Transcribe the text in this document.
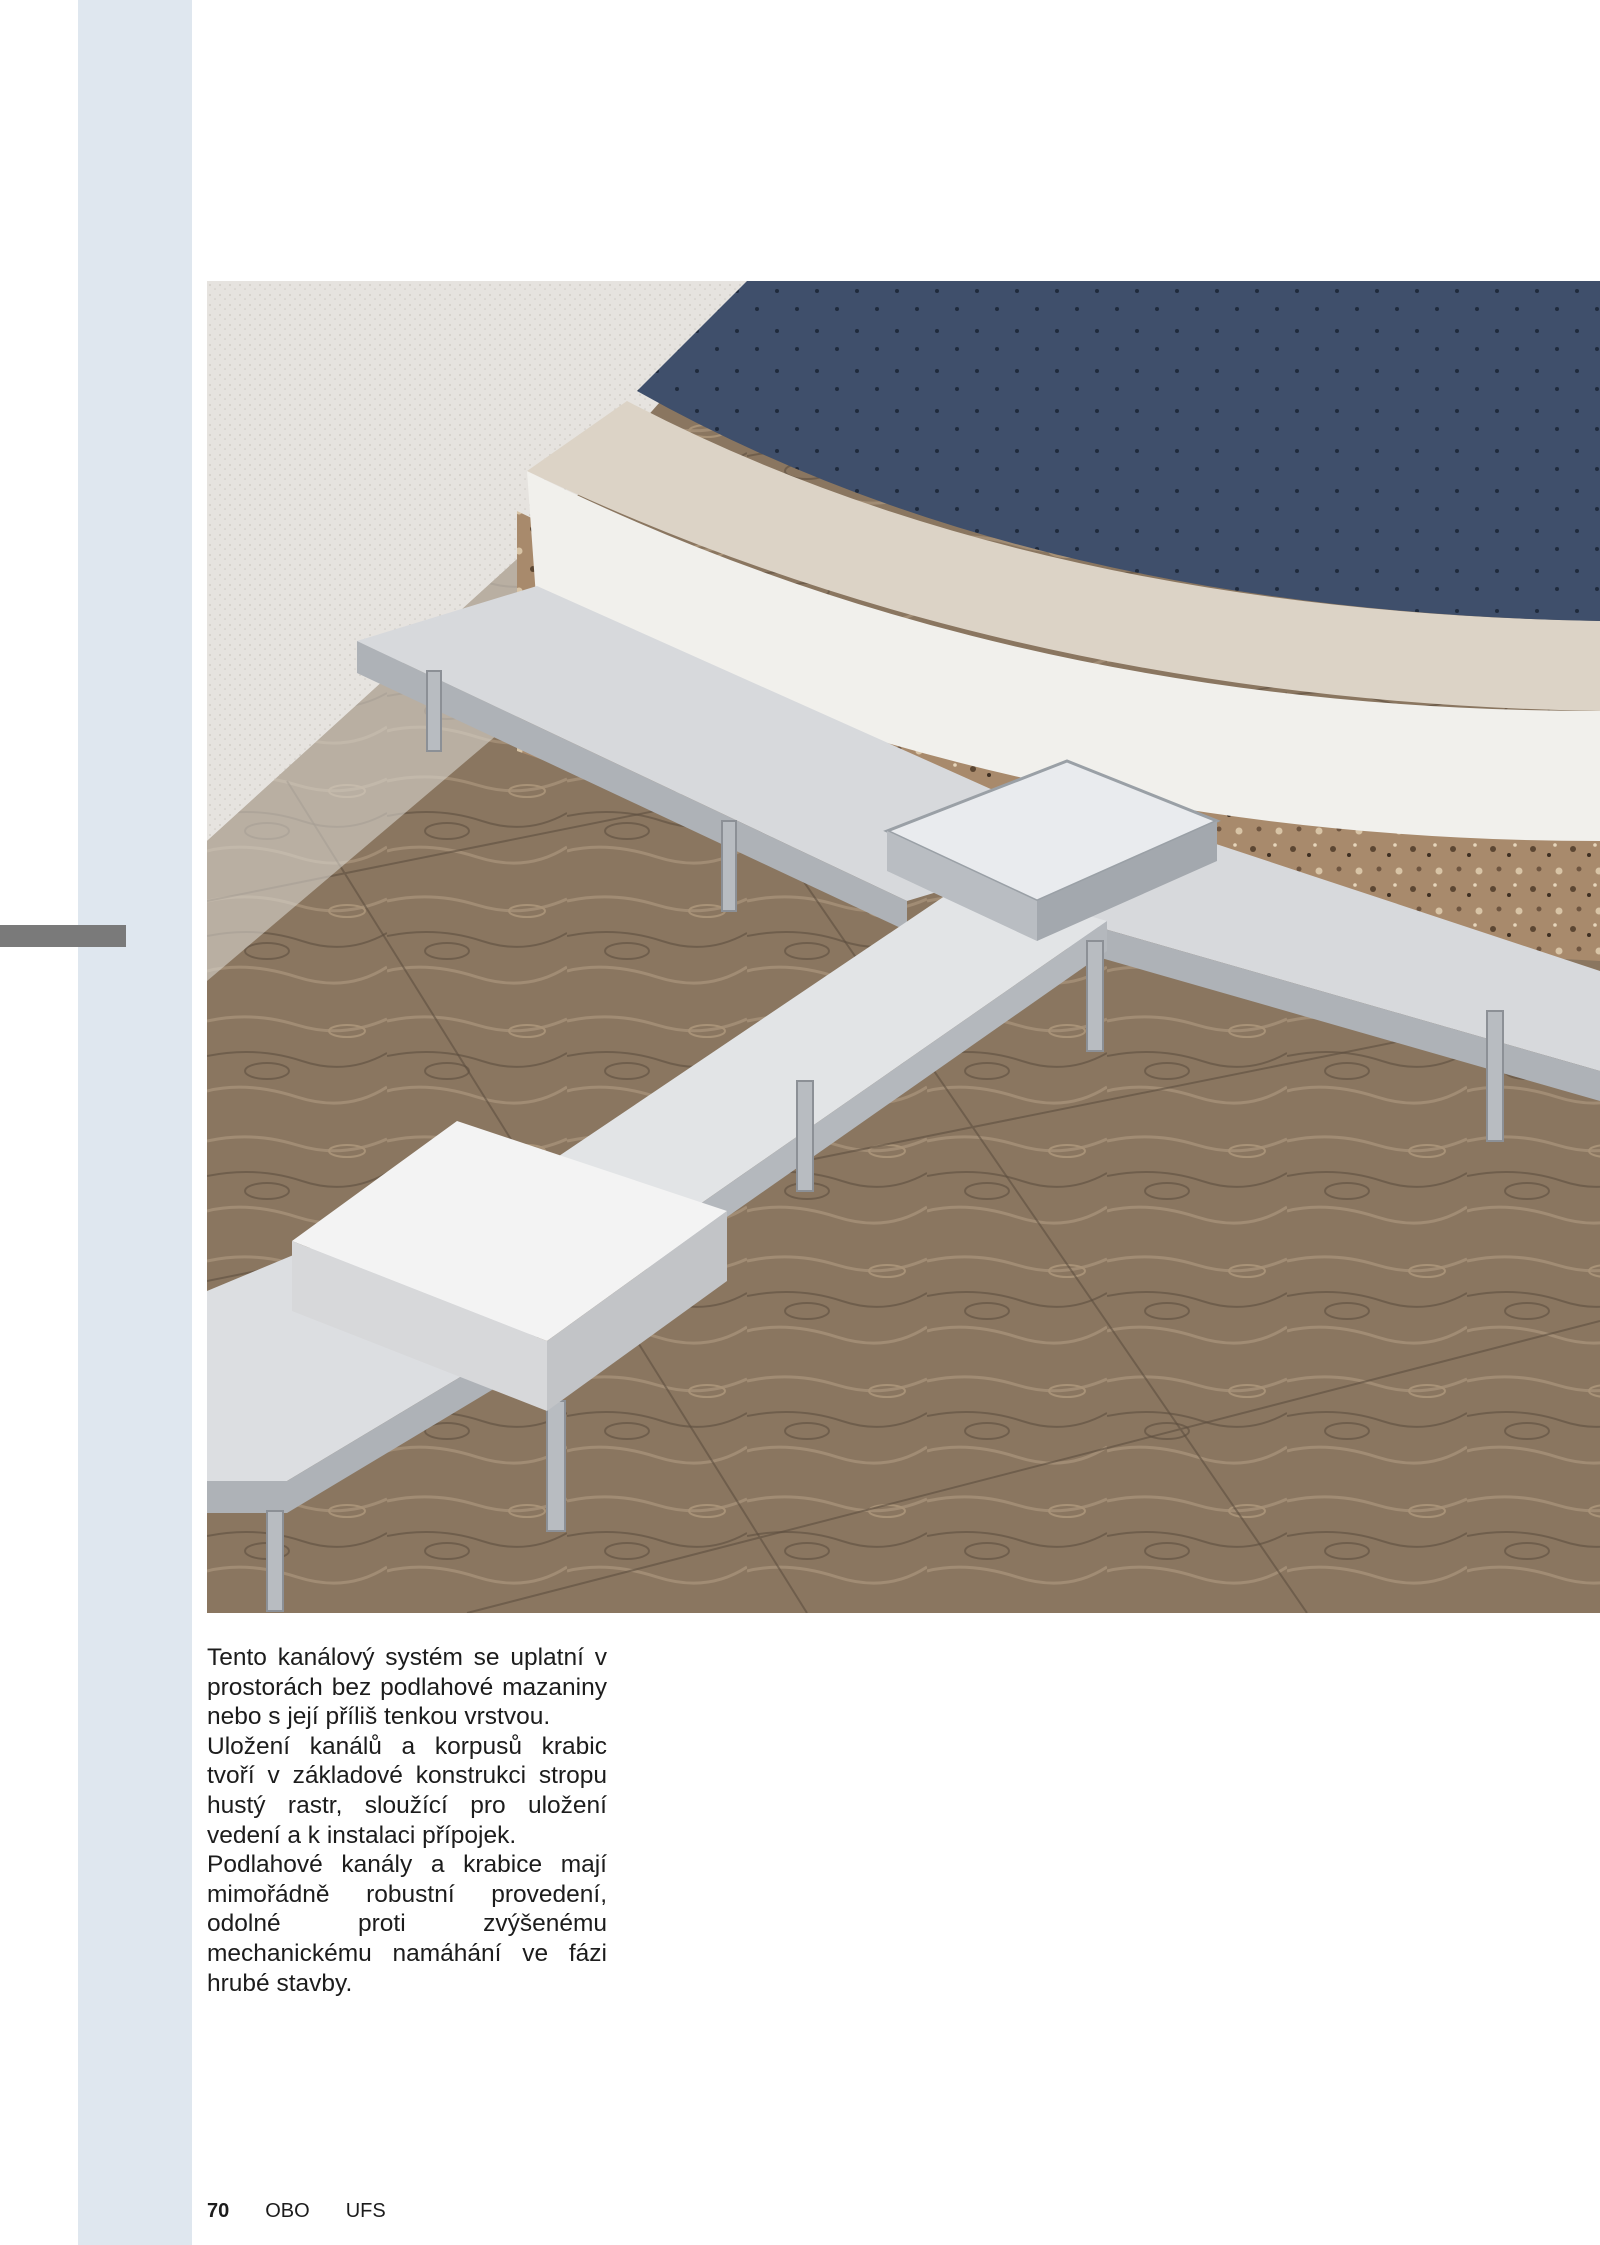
Tento kanálový systém se uplatní v prostorách bez podlahové mazaniny nebo s její příliš tenkou vrstvou.

Uložení kanálů a korpusů krabic tvoří v základové konstrukci stropu hustý rastr, sloužící pro uložení vedení a k instalaci přípojek.

Podlahové kanály a krabice mají mimořádně robustní provedení, odolné proti zvýšenému mechanickému namáhání ve fázi hrubé stavby.

70 OBO UFS
